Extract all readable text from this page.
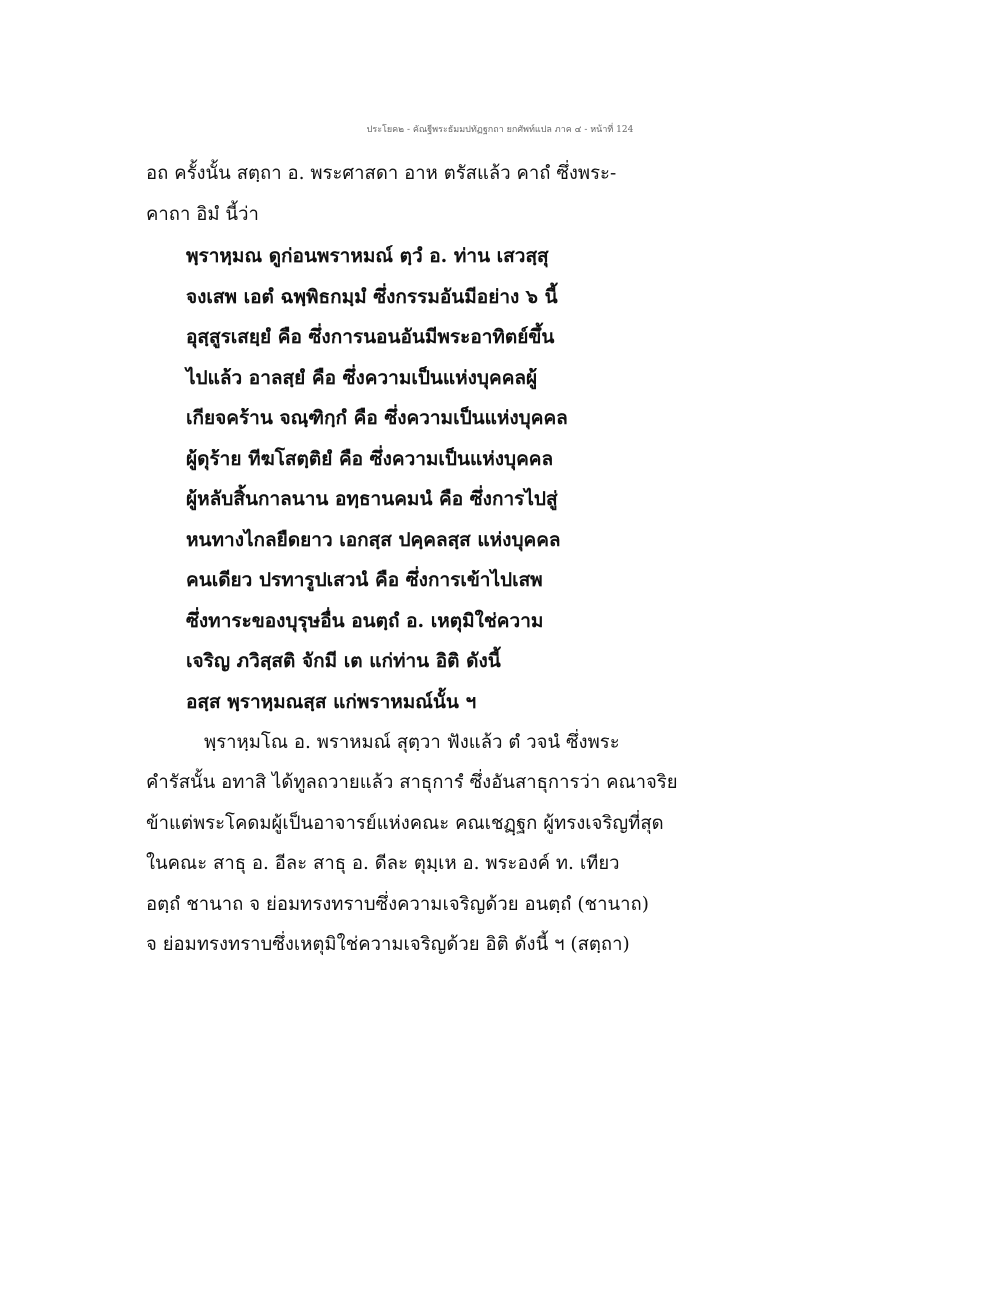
ประโยค๒ - คัณฐีพระธัมมปทัฏฐกถา ยกศัพท์แปล ภาค ๔ - หน้าที่ 124
อถ ครั้งนั้น สตฺถา อ. พระศาสดา อาห ตรัสแล้ว คาถํ ซึ่งพระ-
คาถา อิมํ นี้ว่า
พฺราหฺมณ ดูก่อนพราหมณ์ ตฺวํ อ. ท่าน เสวสฺสุ
จงเสพ เอตํ ฉพฺพิธกมฺมํ ซึ่งกรรมอันมีอย่าง ๖ นี้
อุสฺสูรเสยฺยํ คือ ซึ่งการนอนอันมีพระอาทิตย์ขึ้น
ไปแล้ว อาลสฺยํ คือ ซึ่งความเป็นแห่งบุคคลผู้
เกียจคร้าน จณฺฑิกฺกํ คือ ซึ่งความเป็นแห่งบุคคล
ผู้ดุร้าย ทีฆโสตฺติยํ คือ ซึ่งความเป็นแห่งบุคคล
ผู้หลับสิ้นกาลนาน อทฺธานคมนํ คือ ซึ่งการไปสู่
หนทางไกลยืดยาว เอกสฺส ปคฺคลสฺส แห่งบุคคล
คนเดียว ปรทารูปเสวนํ คือ ซึ่งการเข้าไปเสพ
ซึ่งทาระของบุรุษอื่น อนตฺถํ อ. เหตุมิใช่ความ
เจริญ ภวิสฺสติ จักมี เต แก่ท่าน อิติ ดังนี้
อสฺส พฺราหฺมณสฺส แก่พราหมณ์นั้น ฯ
พฺราหฺมโณ อ. พราหมณ์ สุตฺวา ฟังแล้ว ตํ วจนํ ซึ่งพระ
คำรัสนั้น อทาสิ ได้ทูลถวายแล้ว สาธุการํ ซึ่งอันสาธุการว่า คณาจริย
ข้าแต่พระโคดมผู้เป็นอาจารย์แห่งคณะ คณเชฏฺฐก ผู้ทรงเจริญที่สุด
ในคณะ สาธุ อ. อีละ สาธุ อ. ดีละ ตุมฺเห อ. พระองค์ ท. เทียว
อตฺถํ ชานาถ จ ย่อมทรงทราบซึ่งความเจริญด้วย อนตฺถํ (ชานาถ)
จ ย่อมทรงทราบซึ่งเหตุมิใช่ความเจริญด้วย อิติ ดังนี้ ฯ (สตฺถา)
